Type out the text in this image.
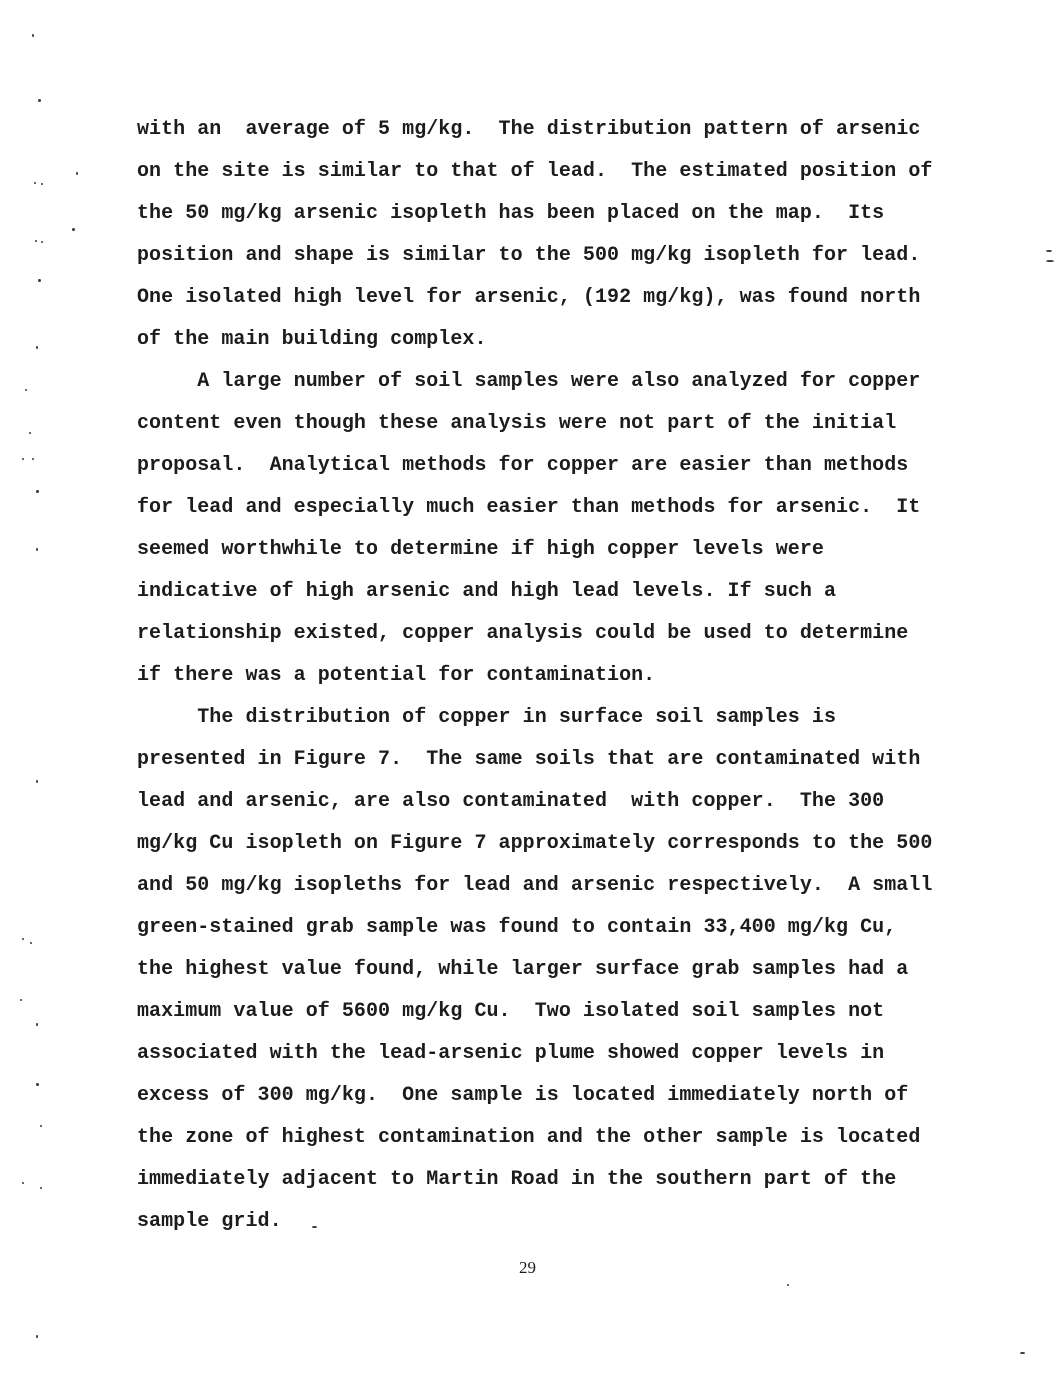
with an  average of 5 mg/kg.  The distribution pattern of arsenic
on the site is similar to that of lead.  The estimated position of
the 50 mg/kg arsenic isopleth has been placed on the map.  Its
position and shape is similar to the 500 mg/kg isopleth for lead.
One isolated high level for arsenic, (192 mg/kg), was found north
of the main building complex.
A large number of soil samples were also analyzed for copper
content even though these analysis were not part of the initial
proposal.  Analytical methods for copper are easier than methods
for lead and especially much easier than methods for arsenic.  It
seemed worthwhile to determine if high copper levels were
indicative of high arsenic and high lead levels. If such a
relationship existed, copper analysis could be used to determine
if there was a potential for contamination.
The distribution of copper in surface soil samples is
presented in Figure 7.  The same soils that are contaminated with
lead and arsenic, are also contaminated  with copper.  The 300
mg/kg Cu isopleth on Figure 7 approximately corresponds to the 500
and 50 mg/kg isopleths for lead and arsenic respectively.  A small
green-stained grab sample was found to contain 33,400 mg/kg Cu,
the highest value found, while larger surface grab samples had a
maximum value of 5600 mg/kg Cu.  Two isolated soil samples not
associated with the lead-arsenic plume showed copper levels in
excess of 300 mg/kg.  One sample is located immediately north of
the zone of highest contamination and the other sample is located
immediately adjacent to Martin Road in the southern part of the
sample grid.
29
